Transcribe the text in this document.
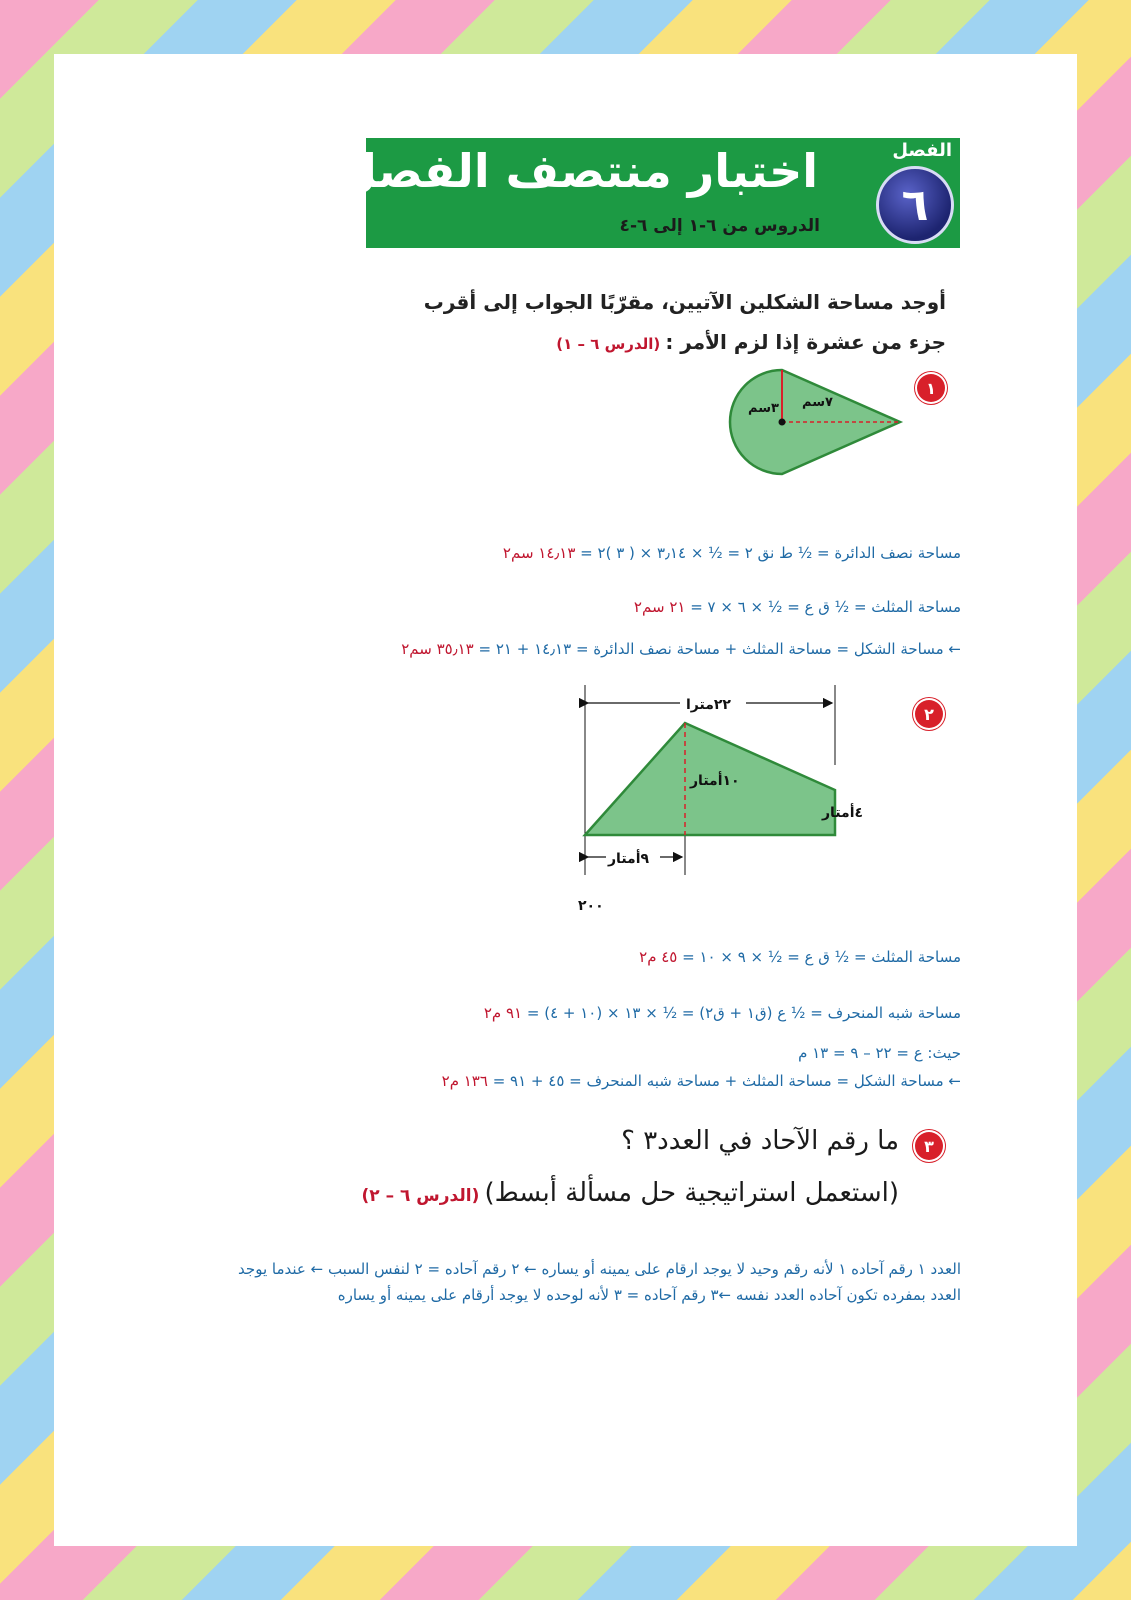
اختبار منتصف الفصل
الدروس من ٦-١ إلى ٦-٤
الفصل
٦
أوجد مساحة الشكلين الآتيين، مقرّبًا الجواب إلى أقرب
جزء من عشرة إذا لزم الأمر : (الدرس ٦ – ١)
١
٣سم ٧سم
مساحة نصف الدائرة = ½ ط نق ٢ = ½ × ٣٫١٤ × ( ٣ )٢ = ١٤٫١٣ سم٢
مساحة المثلث = ½ ق ع = ½ × ٦ × ٧ = ٢١ سم٢
← مساحة الشكل = مساحة المثلث + مساحة نصف الدائرة = ١٤٫١٣ + ٢١ = ٣٥٫١٣ سم٢
٢
٢٢مترا
١٠أمتار
٤أمتار
٩أمتار
٢٠٠
مساحة المثلث = ½ ق ع = ½ × ٩ × ١٠ = ٤٥ م٢
مساحة شبه المنحرف = ½ ع (ق١ + ق٢) = ½ × ١٣ × (١٠ + ٤) = ٩١ م٢
حيث: ع = ٢٢ – ٩ = ١٣ م
← مساحة الشكل = مساحة المثلث + مساحة شبه المنحرف = ٤٥ + ٩١ = ١٣٦ م٢
٣
ما رقم الآحاد في العدد٣ ؟
(استعمل استراتيجية حل مسألة أبسط) (الدرس ٦ – ٢)
العدد ١ رقم آحاده ١ لأنه رقم وحيد لا يوجد ارقام على يمينه أو يساره ← ٢ رقم آحاده = ٢ لنفس السبب ← عندما يوجد العدد بمفرده تكون آحاده العدد نفسه ←٣ رقم آحاده = ٣ لأنه لوحده لا يوجد أرقام على يمينه أو يساره
